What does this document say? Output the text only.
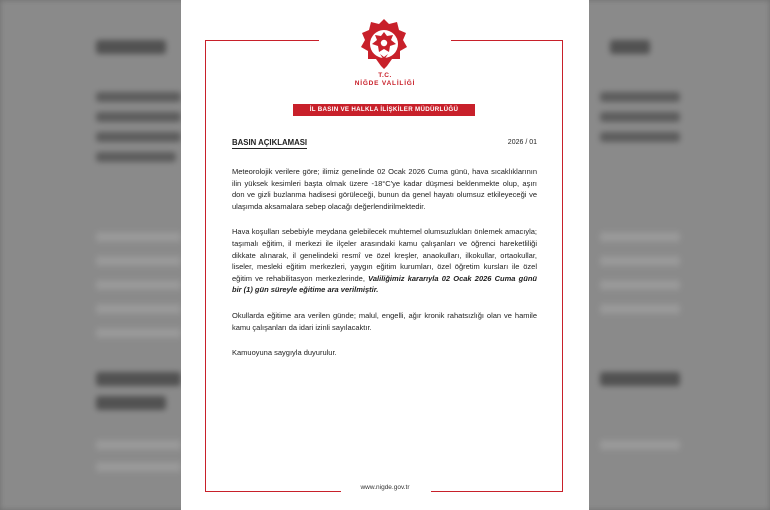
T.C.
NİĞDE VALİLİĞİ
İL BASIN VE HALKLA İLİŞKİLER MÜDÜRLÜĞÜ
BASIN AÇIKLAMASI	2026 / 01

Meteorolojik verilere göre; ilimiz genelinde 02 Ocak 2026 Cuma günü, hava sıcaklıklarının ilin yüksek kesimleri başta olmak üzere -18°C'ye kadar düşmesi beklenmekte olup, aşırı don ve gizli buzlanma hadisesi görüleceği, bunun da genel hayatı olumsuz etkileyeceği ve ulaşımda aksamalara sebep olacağı değerlendirilmektedir.

Hava koşulları sebebiyle meydana gelebilecek muhtemel olumsuzlukları önlemek amacıyla; taşımalı eğitim, il merkezi ile ilçeler arasındaki kamu çalışanları ve öğrenci hareketliliği dikkate alınarak, il genelindeki resmî ve özel kreşler, anaokulları, ilkokullar, ortaokullar, liseler, mesleki eğitim merkezleri, yaygın eğitim kurumları, özel öğretim kursları ile özel eğitim ve rehabilitasyon merkezlerinde, Valiliğimiz kararıyla 02 Ocak 2026 Cuma günü bir (1) gün süreyle eğitime ara verilmiştir.

Okullarda eğitime ara verilen günde; malul, engelli, ağır kronik rahatsızlığı olan ve hamile kamu çalışanları da idari izinli sayılacaktır.

Kamuoyuna saygıyla duyurulur.

www.nigde.gov.tr
